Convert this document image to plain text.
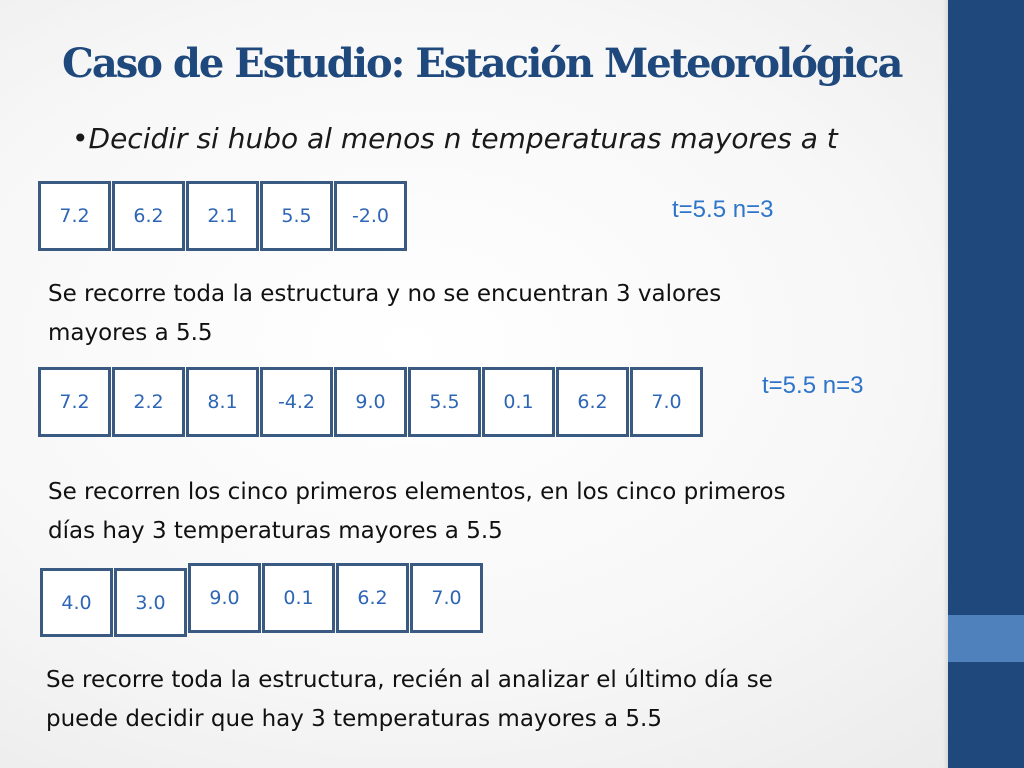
Caso de Estudio: Estación Meteorológica
•Decidir si hubo al menos n temperaturas mayores a t
7.2	6.2	2.1	5.5	-2.0	t=5.5 n=3

Se recorre toda la estructura y no se encuentran 3 valores
mayores a 5.5

7.2	2.2	8.1	-4.2	9.0	5.5	0.1	6.2	7.0
t=5.5 n=3

Se recorren los cinco primeros elementos, en los cinco primeros
días hay 3 temperaturas mayores a 5.5

4.0	3.0	9.0	0.1	6.2	7.0

Se recorre toda la estructura, recién al analizar el último día se
puede decidir que hay 3 temperaturas mayores a 5.5
